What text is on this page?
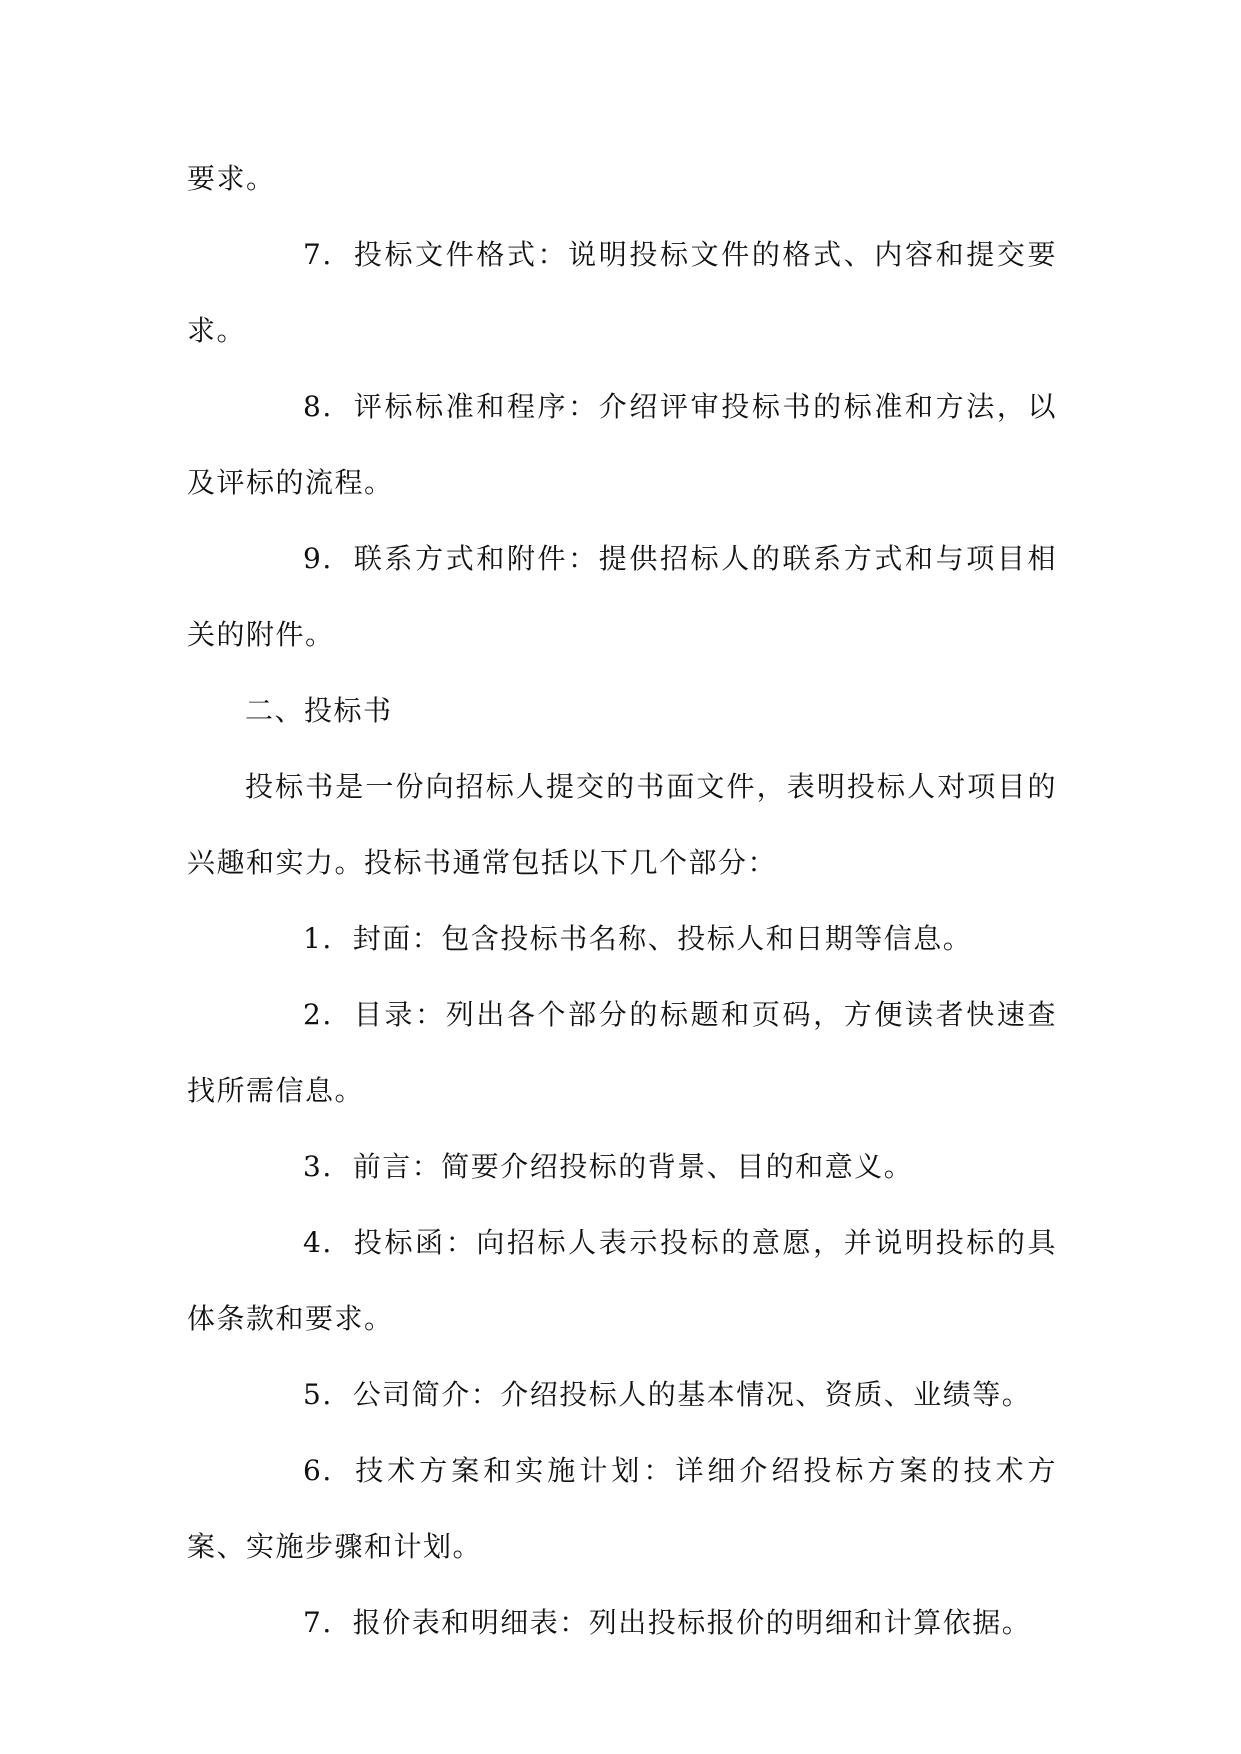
要求。

7. 投标文件格式：说明投标文件的格式、内容和提交要求。

8. 评标标准和程序：介绍评审投标书的标准和方法，以及评标的流程。

9. 联系方式和附件：提供招标人的联系方式和与项目相关的附件。

二、投标书

投标书是一份向招标人提交的书面文件，表明投标人对项目的兴趣和实力。投标书通常包括以下几个部分：

1. 封面：包含投标书名称、投标人和日期等信息。

2. 目录：列出各个部分的标题和页码，方便读者快速查找所需信息。

3. 前言：简要介绍投标的背景、目的和意义。

4. 投标函：向招标人表示投标的意愿，并说明投标的具体条款和要求。

5. 公司简介：介绍投标人的基本情况、资质、业绩等。

6. 技术方案和实施计划：详细介绍投标方案的技术方案、实施步骤和计划。

7. 报价表和明细表：列出投标报价的明细和计算依据。
